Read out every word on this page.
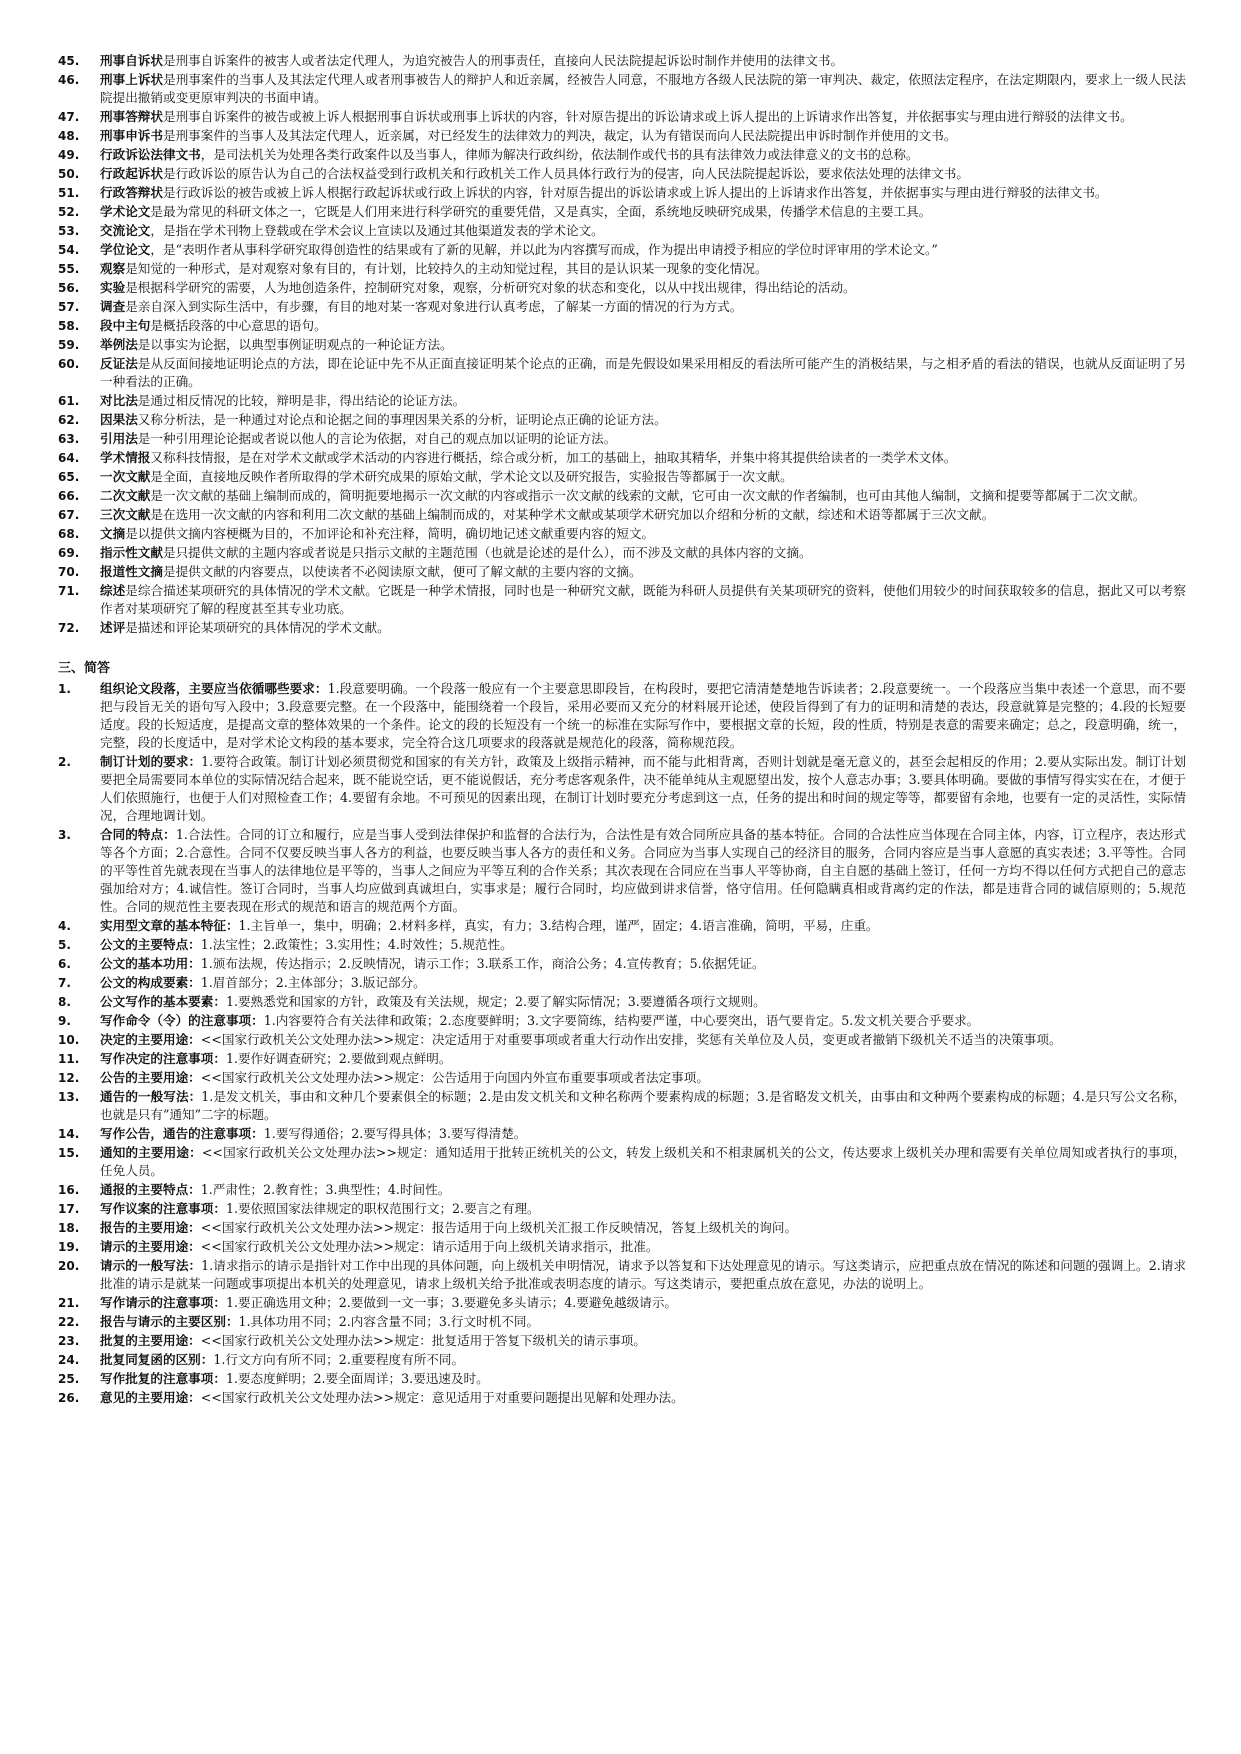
45.	刑事自诉状是刑事自诉案件的被害人或者法定代理人，为追究被告人的刑事责任，直接向人民法院提起诉讼时制作并使用的法律文书。
46.	刑事上诉状是刑事案件的当事人及其法定代理人或者刑事被告人的辩护人和近亲属，经被告人同意，不服地方各级人民法院的第一审判决、裁定，依照法定程序，在法定期限内，要求上一级人民法院提出撤销或变更原审判决的书面申请。
47.	刑事答辩状是刑事自诉案件的被告或被上诉人根据刑事自诉状或刑事上诉状的内容，针对原告提出的诉讼请求或上诉人提出的上诉请求作出答复，并依据事实与理由进行辩驳的法律文书。
48.	刑事申诉书是刑事案件的当事人及其法定代理人，近亲属，对已经发生的法律效力的判决，裁定，认为有错误而向人民法院提出申诉时制作并使用的文书。
49.	行政诉讼法律文书，是司法机关为处理各类行政案件以及当事人，律师为解决行政纠纷，依法制作或代书的具有法律效力或法律意义的文书的总称。
50.	行政起诉状是行政诉讼的原告认为自己的合法权益受到行政机关和行政机关工作人员具体行政行为的侵害，向人民法院提起诉讼，要求依法处理的法律文书。
51.	行政答辩状是行政诉讼的被告或被上诉人根据行政起诉状或行政上诉状的内容，针对原告提出的诉讼请求或上诉人提出的上诉请求作出答复，并依据事实与理由进行辩驳的法律文书。
52.	学术论文是最为常见的科研文体之一，它既是人们用来进行科学研究的重要凭借，又是真实，全面，系统地反映研究成果，传播学术信息的主要工具。
53.	交流论文，是指在学术刊物上登载或在学术会议上宣读以及通过其他渠道发表的学术论文。
54.	学位论文，是“表明作者从事科学研究取得创造性的结果或有了新的见解，并以此为内容撰写而成，作为提出申请授予相应的学位时评审用的学术论文。”
55.	观察是知觉的一种形式，是对观察对象有目的，有计划，比较持久的主动知觉过程，其目的是认识某一现象的变化情况。
56.	实验是根据科学研究的需要，人为地创造条件，控制研究对象，观察，分析研究对象的状态和变化，以从中找出规律，得出结论的活动。
57.	调查是亲自深入到实际生活中，有步骤，有目的地对某一客观对象进行认真考虑，了解某一方面的情况的行为方式。
58.	段中主句是概括段落的中心意思的语句。
59.	举例法是以事实为论据，以典型事例证明观点的一种论证方法。
60.	反证法是从反面间接地证明论点的方法，即在论证中先不从正面直接证明某个论点的正确，而是先假设如果采用相反的看法所可能产生的消极结果，与之相矛盾的看法的错误，也就从反面证明了另一种看法的正确。
61.	对比法是通过相反情况的比较，辩明是非，得出结论的论证方法。
62.	因果法又称分析法，是一种通过对论点和论据之间的事理因果关系的分析，证明论点正确的论证方法。
63.	引用法是一种引用理论论据或者说以他人的言论为依据，对自己的观点加以证明的论证方法。
64.	学术情报又称科技情报，是在对学术文献或学术活动的内容进行概括，综合或分析，加工的基础上，抽取其精华，并集中将其提供给读者的一类学术文体。
65.	一次文献是全面，直接地反映作者所取得的学术研究成果的原始文献，学术论文以及研究报告，实验报告等都属于一次文献。
66.	二次文献是一次文献的基础上编制而成的，简明扼要地揭示一次文献的内容或指示一次文献的线索的文献，它可由一次文献的作者编制，也可由其他人编制，文摘和提要等都属于二次文献。
67.	三次文献是在选用一次文献的内容和利用二次文献的基础上编制而成的，对某种学术文献或某项学术研究加以介绍和分析的文献，综述和术语等都属于三次文献。
68.	文摘是以提供文摘内容梗概为目的，不加评论和补充注释，简明，确切地记述文献重要内容的短文。
69.	指示性文献是只提供文献的主题内容或者说是只指示文献的主题范围（也就是论述的是什么），而不涉及文献的具体内容的文摘。
70.	报道性文摘是提供文献的内容要点，以使读者不必阅读原文献，便可了解文献的主要内容的文摘。
71.	综述是综合描述某项研究的具体情况的学术文献。它既是一种学术情报，同时也是一种研究文献，既能为科研人员提供有关某项研究的资料，使他们用较少的时间获取较多的信息，据此又可以考察作者对某项研究了解的程度甚至其专业功底。
72.	述评是描述和评论某项研究的具体情况的学术文献。
三、简答
1.	组织论文段落，主要应当依循哪些要求：1.段意要明确。一个段落一般应有一个主要意思即段旨，在构段时，要把它清清楚楚地告诉读者；2.段意要统一。一个段落应当集中表述一个意思，而不要把与段旨无关的语句写入段中；3.段意要完整。在一个段落中，能围绕着一个段旨，采用必要而又充分的材料展开论述，使段旨得到了有力的证明和清楚的表达，段意就算是完整的；4.段的长短要适度。段的长短适度，是提高文章的整体效果的一个条件。论文的段的长短没有一个统一的标准在实际写作中，要根据文章的长短，段的性质，特别是表意的需要来确定；总之，段意明确，统一，完整，段的长度适中，是对学术论文构段的基本要求，完全符合这几项要求的段落就是规范化的段落，简称规范段。
2.	制订计划的要求：1.要符合政策。制订计划必须贯彻党和国家的有关方针，政策及上级指示精神，而不能与此相背离，否则计划就是毫无意义的，甚至会起相反的作用；2.要从实际出发。制订计划要把全局需要同本单位的实际情况结合起来，既不能说空话，更不能说假话，充分考虑客观条件，决不能单纯从主观愿望出发，按个人意志办事；3.要具体明确。要做的事情写得实实在在，才便于人们依照施行，也便于人们对照检查工作；4.要留有余地。不可预见的因素出现，在制订计划时要充分考虑到这一点，任务的提出和时间的规定等等，都要留有余地，也要有一定的灵活性，实际情况，合理地调计划。
3.	合同的特点：1.合法性。合同的订立和履行，应是当事人受到法律保护和监督的合法行为，合法性是有效合同所应具备的基本特征。合同的合法性应当体现在合同主体，内容，订立程序，表达形式等各个方面；2.合意性。合同不仅要反映当事人各方的利益，也要反映当事人各方的责任和义务。合同应为当事人实现自己的经济目的服务，合同内容应是当事人意愿的真实表述；3.平等性。合同的平等性首先就表现在当事人的法律地位是平等的，当事人之间应为平等互利的合作关系；其次表现在合同应在当事人平等协商，自主自愿的基础上签订，任何一方均不得以任何方式把自己的意志强加给对方；4.诚信性。签订合同时，当事人均应做到真诚坦白，实事求是；履行合同时，均应做到讲求信誉，恪守信用。任何隐瞒真相或背离约定的作法，都是违背合同的诚信原则的；5.规范性。合同的规范性主要表现在形式的规范和语言的规范两个方面。
4.	实用型文章的基本特征：1.主旨单一，集中，明确；2.材料多样，真实，有力；3.结构合理，谨严，固定；4.语言准确，简明，平易，庄重。
5.	公文的主要特点：1.法宝性；2.政策性；3.实用性；4.时效性；5.规范性。
6.	公文的基本功用：1.颁布法规，传达指示；2.反映情况，请示工作；3.联系工作，商洽公务；4.宣传教育；5.依据凭证。
7.	公文的构成要素：1.眉首部分；2.主体部分；3.版记部分。
8.	公文写作的基本要素：1.要熟悉党和国家的方针，政策及有关法规，规定；2.要了解实际情况；3.要遵循各项行文规则。
9.	写作命令（令）的注意事项：1.内容要符合有关法律和政策；2.态度要鲜明；3.文字要简练，结构要严谨，中心要突出，语气要肯定。5.发文机关要合乎要求。
10.	决定的主要用途：<<国家行政机关公文处理办法>>规定：决定适用于对重要事项或者重大行动作出安排，奖惩有关单位及人员，变更或者撤销下级机关不适当的决策事项。
11.	写作决定的注意事项：1.要作好调查研究；2.要做到观点鲜明。
12.	公告的主要用途：<<国家行政机关公文处理办法>>规定：公告适用于向国内外宣布重要事项或者法定事项。
13.	通告的一般写法：1.是发文机关，事由和文种几个要素俱全的标题；2.是由发文机关和文种名称两个要素构成的标题；3.是省略发文机关，由事由和文种两个要素构成的标题；4.是只写公文名称，也就是只有”通知”二字的标题。
14.	写作公告，通告的注意事项：1.要写得通俗；2.要写得具体；3.要写得清楚。
15.	通知的主要用途：<<国家行政机关公文处理办法>>规定：通知适用于批转正统机关的公文，转发上级机关和不相隶属机关的公文，传达要求上级机关办理和需要有关单位周知或者执行的事项，任免人员。
16.	通报的主要特点：1.严肃性；2.教育性；3.典型性；4.时间性。
17.	写作议案的注意事项：1.要依照国家法律规定的职权范围行文；2.要言之有理。
18.	报告的主要用途：<<国家行政机关公文处理办法>>规定：报告适用于向上级机关汇报工作反映情况，答复上级机关的询问。
19.	请示的主要用途：<<国家行政机关公文处理办法>>规定：请示适用于向上级机关请求指示，批准。
20.	请示的一般写法：1.请求指示的请示是指针对工作中出现的具体问题，向上级机关申明情况，请求予以答复和下达处理意见的请示。写这类请示，应把重点放在情况的陈述和问题的强调上。2.请求批准的请示是就某一问题或事项提出本机关的处理意见，请求上级机关给予批准或表明态度的请示。写这类请示，要把重点放在意见，办法的说明上。
21.	写作请示的注意事项：1.要正确选用文种；2.要做到一文一事；3.要避免多头请示；4.要避免越级请示。
22.	报告与请示的主要区别：1.具体功用不同；2.内容含量不同；3.行文时机不同。
23.	批复的主要用途：<<国家行政机关公文处理办法>>规定：批复适用于答复下级机关的请示事项。
24.	批复同复函的区别：1.行文方向有所不同；2.重要程度有所不同。
25.	写作批复的注意事项：1.要态度鲜明；2.要全面周详；3.要迅速及时。
26.	意见的主要用途：<<国家行政机关公文处理办法>>规定：意见适用于对重要问题提出见解和处理办法。
